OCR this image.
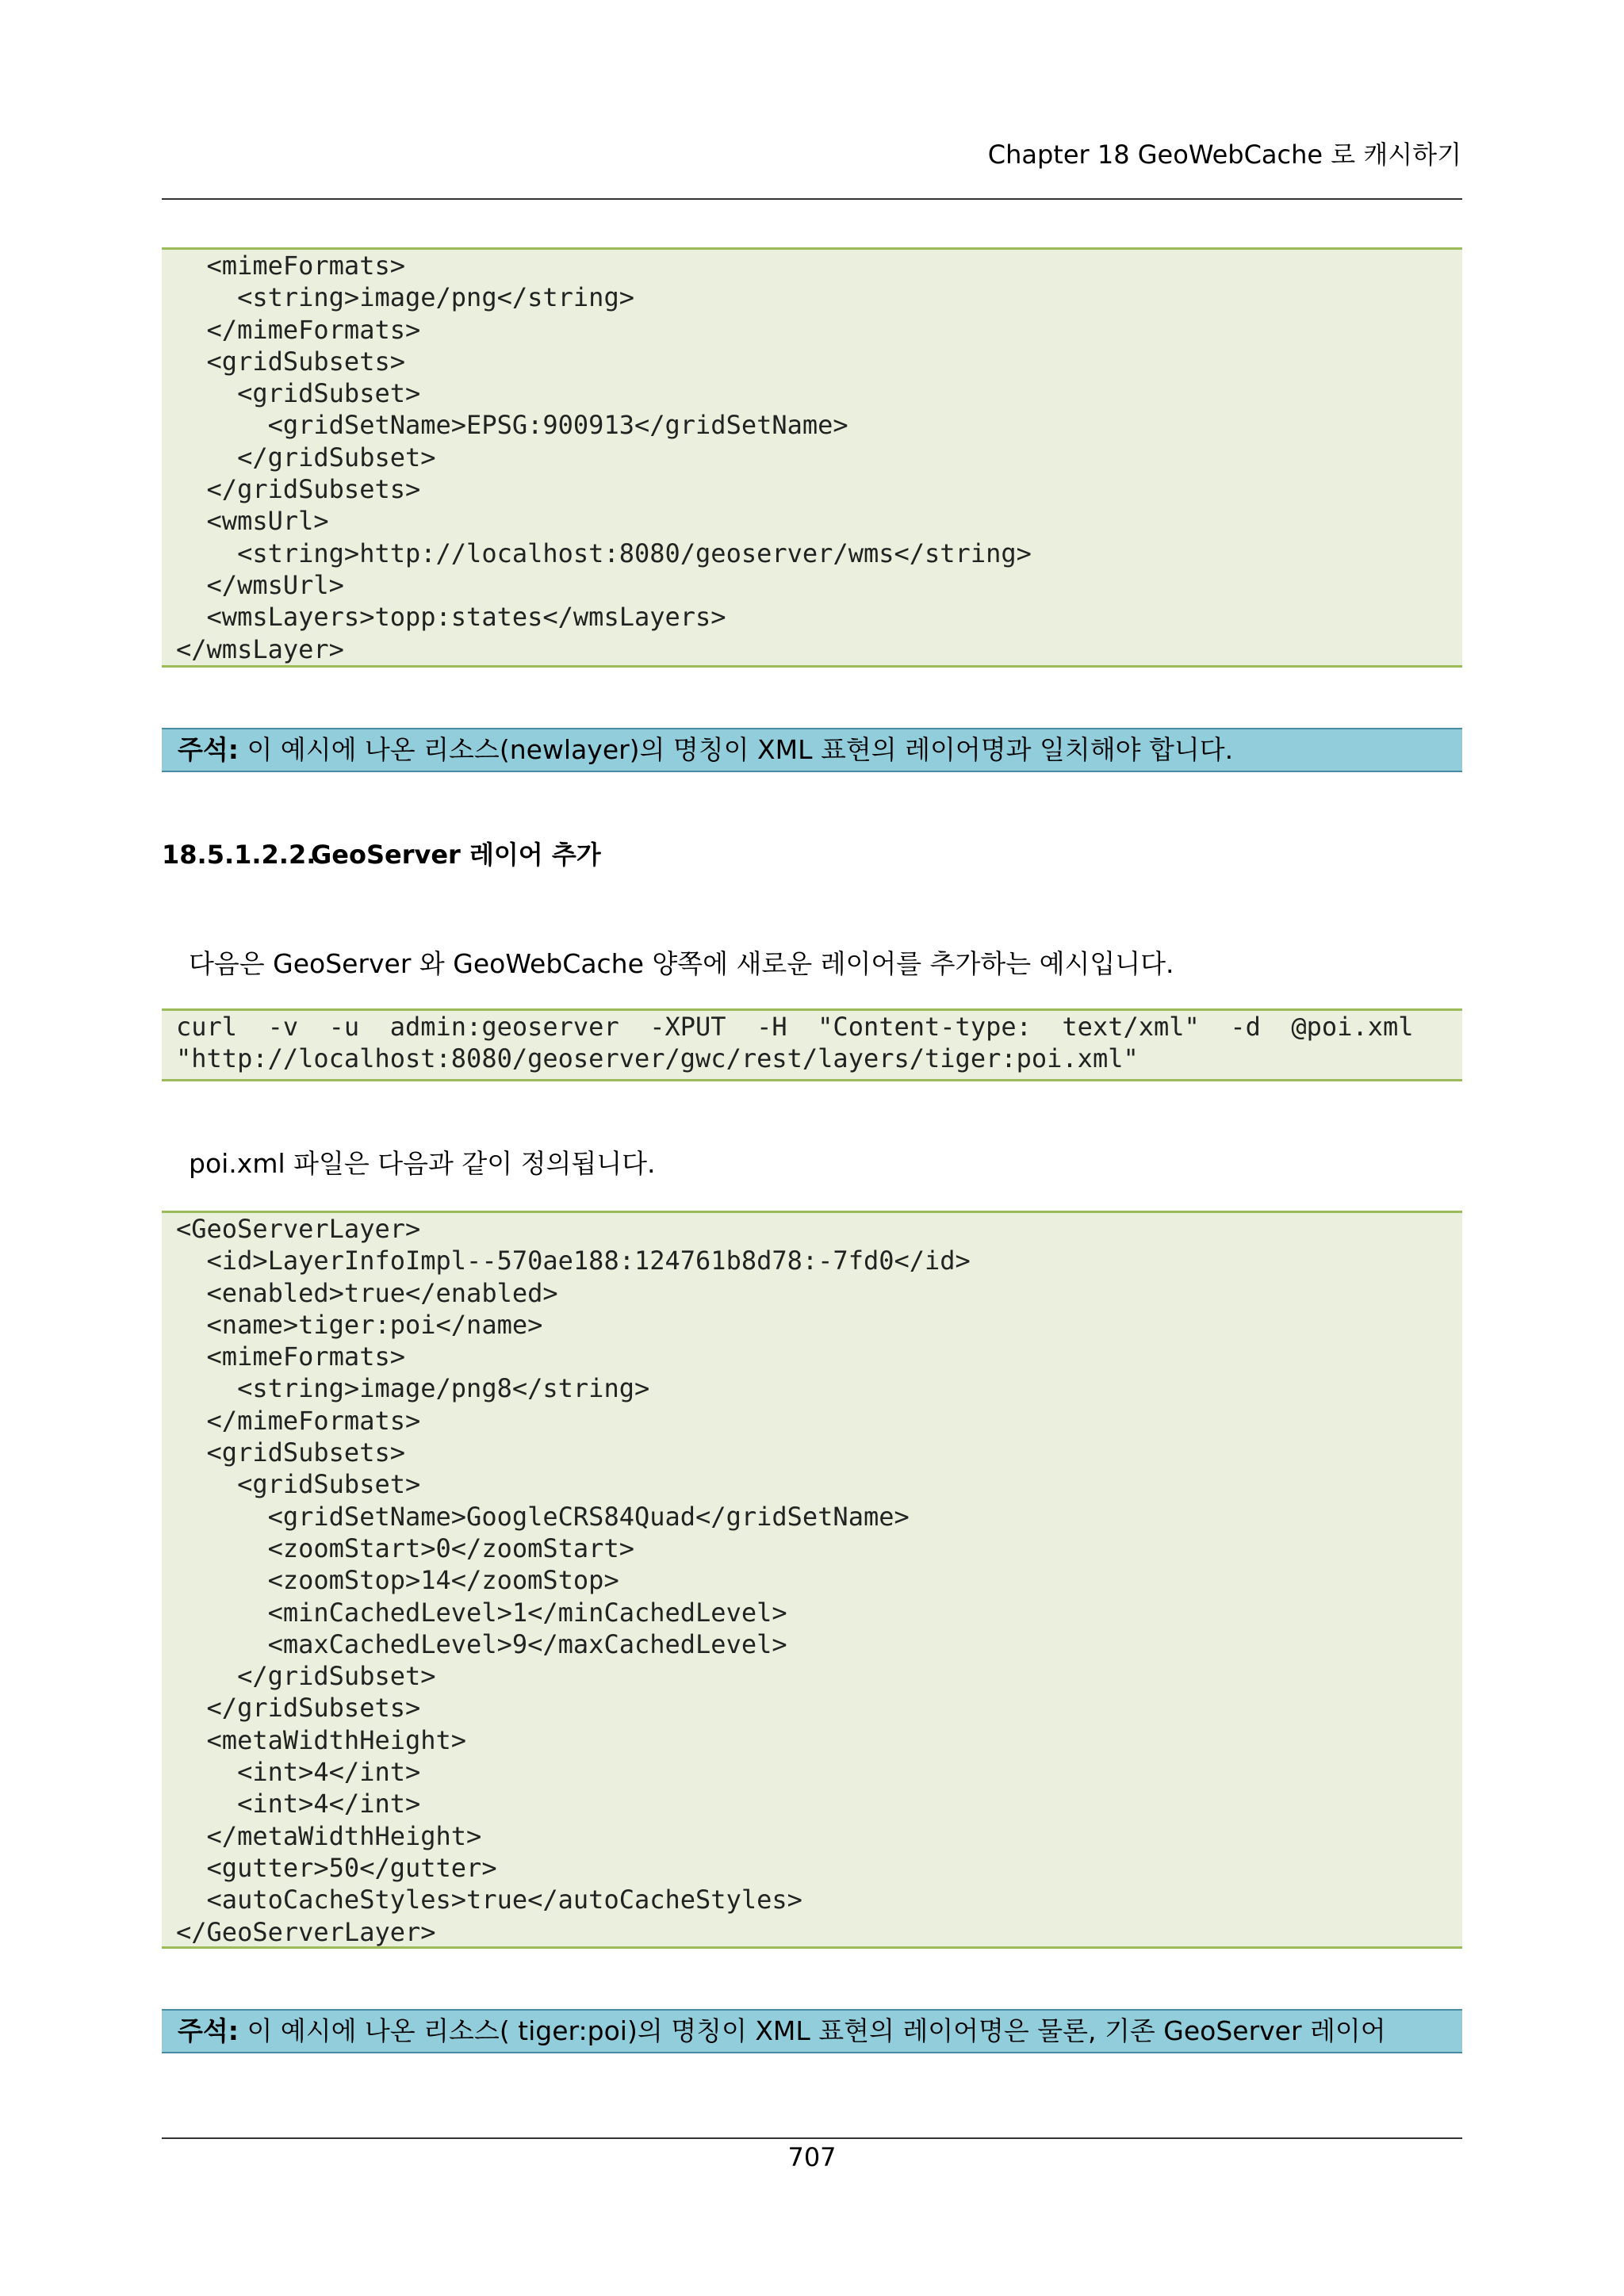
Chapter 18 GeoWebCache 로 캐시하기
<mimeFormats>
<string>image/png</string>
</mimeFormats>
<gridSubsets>
<gridSubset>
<gridSetName>EPSG:900913</gridSetName>
</gridSubset>
</gridSubsets>
<wmsUrl>
<string>http://localhost:8080/geoserver/wms</string>
</wmsUrl>
<wmsLayers>topp:states</wmsLayers>
</wmsLayer>
주석: 이 예시에 나온 리소스(newlayer)의 명칭이 XML 표현의 레이어명과 일치해야 합니다.
18.5.1.2.2.GeoServer 레이어 추가
다음은 GeoServer 와 GeoWebCache 양쪽에 새로운 레이어를 추가하는 예시입니다.
curl  -v  -u  admin:geoserver  -XPUT  -H  "Content-type:  text/xml"  -d  @poi.xml
"http://localhost:8080/geoserver/gwc/rest/layers/tiger:poi.xml"
poi.xml 파일은 다음과 같이 정의됩니다.
<GeoServerLayer>
<id>LayerInfoImpl--570ae188:124761b8d78:-7fd0</id>
<enabled>true</enabled>
<name>tiger:poi</name>
<mimeFormats>
<string>image/png8</string>
</mimeFormats>
<gridSubsets>
<gridSubset>
<gridSetName>GoogleCRS84Quad</gridSetName>
<zoomStart>0</zoomStart>
<zoomStop>14</zoomStop>
<minCachedLevel>1</minCachedLevel>
<maxCachedLevel>9</maxCachedLevel>
</gridSubset>
</gridSubsets>
<metaWidthHeight>
<int>4</int>
<int>4</int>
</metaWidthHeight>
<gutter>50</gutter>
<autoCacheStyles>true</autoCacheStyles>
</GeoServerLayer>
주석: 이 예시에 나온 리소스( tiger:poi)의 명칭이 XML 표현의 레이어명은 물론, 기존 GeoServer 레이어
707
